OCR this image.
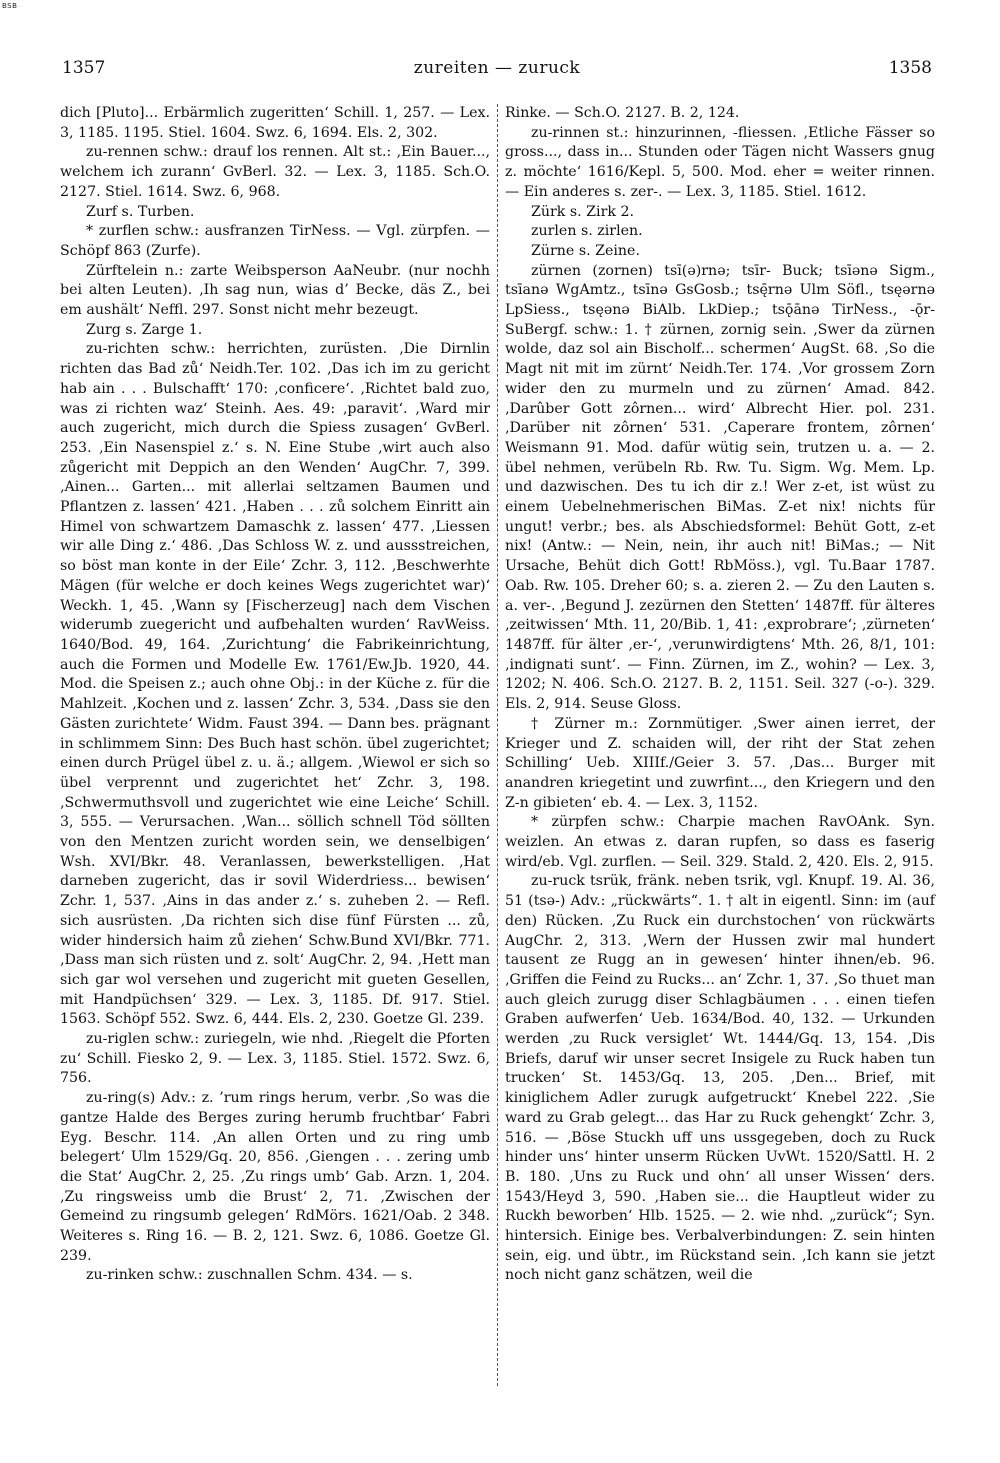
BSB
1357	zureiten — zuruck	1358

dich [Pluto]... Erbärmlich zugeritten‘ Schill. 1, 257. — Lex. 3, 1185. 1195. Stiel. 1604. Swz. 6, 1694. Els. 2, 302.

zu-rennen schw.: drauf los rennen. Alt st.: ‚Ein Bauer..., welchem ich zurann‘ GvBerl. 32. — Lex. 3, 1185. Sch.O. 2127. Stiel. 1614. Swz. 6, 968.

Zurf s. Turben.

* zurflen schw.: ausfranzen TirNess. — Vgl. zürpfen. — Schöpf 863 (Zurfe).

Zürftelein n.: zarte Weibsperson AaNeubr. (nur nochh bei alten Leuten). ‚Ih sag nun, wias d’ Becke, däs Z., bei em aushält‘ Neffl. 297. Sonst nicht mehr bezeugt.

Zurg s. Zarge 1.

zu-richten schw.: herrichten, zurüsten. ‚Die Dirnlin richten das Bad zů‘ Neidh.Ter. 102. ‚Das ich im zu gericht hab ain . . . Bulschafft‘ 170: ‚conficere‘. ‚Richtet bald zuo, was zi richten waz‘ Steinh. Aes. 49: ‚paravit‘. ‚Ward mir auch zugericht, mich durch die Spiess zusagen‘ GvBerl. 253. ‚Ein Nasenspiel z.‘ s. N. Eine Stube ‚wirt auch also zůgericht mit Deppich an den Wenden‘ AugChr. 7, 399. ‚Ainen... Garten... mit allerlai seltzamen Baumen und Pflantzen z. lassen‘ 421. ‚Haben . . . zů solchem Einritt ain Himel von schwartzem Damaschk z. lassen‘ 477. ‚Liessen wir alle Ding z.‘ 486. ‚Das Schloss W. z. und aussstreichen, so böst man konte in der Eile‘ Zchr. 3, 112. ‚Beschwerhte Mägen (für welche er doch keines Wegs zugerichtet war)‘ Weckh. 1, 45. ‚Wann sy [Fischerzeug] nach dem Vischen widerumb zuegericht und aufbehalten wurden‘ RavWeiss. 1640/Bod. 49, 164. ‚Zurichtung‘ die Fabrikeinrichtung, auch die Formen und Modelle Ew. 1761/Ew.Jb. 1920, 44. Mod. die Speisen z.; auch ohne Obj.: in der Küche z. für die Mahlzeit. ‚Kochen und z. lassen‘ Zchr. 3, 534. ‚Dass sie den Gästen zurichtete‘ Widm. Faust 394. — Dann bes. prägnant in schlimmem Sinn: Des Buch hast schön. übel zugerichtet; einen durch Prügel übel z. u. ä.; allgem. ‚Wiewol er sich so übel verprennt und zugerichtet het‘ Zchr. 3, 198. ‚Schwermuthsvoll und zugerichtet wie eine Leiche‘ Schill. 3, 555. — Verursachen. ‚Wan... söllich schnell Töd söllten von den Mentzen zuricht worden sein, we denselbigen‘ Wsh. XVI/Bkr. 48. Veranlassen, bewerkstelligen. ‚Hat darneben zugericht, das ir sovil Widerdriess... bewisen‘ Zchr. 1, 537. ‚Ains in das ander z.‘ s. zuheben 2. — Refl. sich ausrüsten. ‚Da richten sich dise fünf Fürsten ... zů, wider hindersich haim zů ziehen‘ Schw.Bund XVI/Bkr. 771. ‚Dass man sich rüsten und z. solt‘ AugChr. 2, 94. ‚Hett man sich gar wol versehen und zugericht mit gueten Gesellen, mit Handpüchsen‘ 329. — Lex. 3, 1185. Df. 917. Stiel. 1563. Schöpf 552. Swz. 6, 444. Els. 2, 230. Goetze Gl. 239.

zu-riglen schw.: zuriegeln, wie nhd. ‚Riegelt die Pforten zu‘ Schill. Fiesko 2, 9. — Lex. 3, 1185. Stiel. 1572. Swz. 6, 756.

zu-ring(s) Adv.: z. ’rum rings herum, verbr. ‚So was die gantze Halde des Berges zuring herumb fruchtbar‘ Fabri Eyg. Beschr. 114. ‚An allen Orten und zu ring umb belegert‘ Ulm 1529/Gq. 20, 856. ‚Giengen . . . zering umb die Stat‘ AugChr. 2, 25. ‚Zu rings umb‘ Gab. Arzn. 1, 204. ‚Zu ringsweiss umb die Brust‘ 2, 71. ‚Zwischen der Gemeind zu ringsumb gelegen‘ RdMörs. 1621/Oab. 2 348. Weiteres s. Ring 16. — B. 2, 121. Swz. 6, 1086. Goetze Gl. 239.

zu-rinken schw.: zuschnallen Schm. 434. — s.

Rinke. — Sch.O. 2127. B. 2, 124.

zu-rinnen st.: hinzurinnen, -fliessen. ‚Etliche Fässer so gross..., dass in... Stunden oder Tägen nicht Wassers gnug z. möchte‘ 1616/Kepl. 5, 500. Mod. eher = weiter rinnen. — Ein anderes s. zer-. — Lex. 3, 1185. Stiel. 1612.

Zürk s. Zirk 2.

zurlen s. zirlen.

Zürne s. Zeine.

zürnen (zornen) tsī(ə)rnə; tsīr- Buck; tsīənə Sigm., tsīanə WgAmtz., tsīnə GsGosb.; tsę̄rnə Ulm Söfl., tsęərnə LpSiess., tsęənə BiAlb. LkDiep.; tsǭānə TirNess., -ǭr- SuBergf. schw.: 1. † zürnen, zornig sein. ‚Swer da zürnen wolde, daz sol ain Bischolf... schermen‘ AugSt. 68. ‚So die Magt nit mit im zürnt‘ Neidh.Ter. 174. ‚Vor grossem Zorn wider den zu murmeln und zu zürnen‘ Amad. 842. ‚Darûber Gott zôrnen... wird‘ Albrecht Hier. pol. 231. ‚Darüber nit zôrnen‘ 531. ‚Caperare frontem, zôrnen‘ Weismann 91. Mod. dafür wütig sein, trutzen u. a. — 2. übel nehmen, verübeln Rb. Rw. Tu. Sigm. Wg. Mem. Lp. und dazwischen. Des tu ich dir z.! Wer z-et, ist wüst zu einem Uebelnehmerischen BiMas. Z-et nix! nichts für ungut! verbr.; bes. als Abschiedsformel: Behüt Gott, z-et nix! (Antw.: — Nein, nein, ihr auch nit! BiMas.; — Nit Ursache, Behüt dich Gott! RbMöss.), vgl. Tu.Baar 1787. Oab. Rw. 105. Dreher 60; s. a. zieren 2. — Zu den Lauten s. a. ver-. ‚Begund J. zezürnen den Stetten‘ 1487ff. für älteres ‚zeitwissen‘ Mth. 11, 20/Bib. 1, 41: ‚exprobrare‘; ‚zürneten‘ 1487ff. für älter ‚er-‘, ‚verunwirdigtens‘ Mth. 26, 8/1, 101: ‚indignati sunt‘. — Finn. Zürnen, im Z., wohin? — Lex. 3, 1202; N. 406. Sch.O. 2127. B. 2, 1151. Seil. 327 (-o-). 329. Els. 2, 914. Seuse Gloss.

† Zürner m.: Zornmütiger. ‚Swer ainen ierret, der Krieger und Z. schaiden will, der riht der Stat zehen Schilling‘ Ueb. XIIIf./Geier 3. 57. ‚Das... Burger mit anandren kriegetint und zuwrfint..., den Kriegern und den Z-n gibieten‘ eb. 4. — Lex. 3, 1152.

* zürpfen schw.: Charpie machen RavOAnk. Syn. weizlen. An etwas z. daran rupfen, so dass es faserig wird/eb. Vgl. zurflen. — Seil. 329. Stald. 2, 420. Els. 2, 915.

zu-ruck tsrük, fränk. neben tsrik, vgl. Knupf. 19. Al. 36, 51 (tsə-) Adv.: „rückwärts“. 1. † alt in eigentl. Sinn: im (auf den) Rücken. ‚Zu Ruck ein durchstochen‘ von rückwärts AugChr. 2, 313. ‚Wern der Hussen zwir mal hundert tausent ze Rugg an in gewesen‘ hinter ihnen/eb. 96. ‚Griffen die Feind zu Rucks... an‘ Zchr. 1, 37. ‚So thuet man auch gleich zurugg diser Schlagbäumen . . . einen tiefen Graben aufwerfen‘ Ueb. 1634/Bod. 40, 132. — Urkunden werden ‚zu Ruck versiglet‘ Wt. 1444/Gq. 13, 154. ‚Dis Briefs, daruf wir unser secret Insigele zu Ruck haben tun trucken‘ St. 1453/Gq. 13, 205. ‚Den... Brief, mit kiniglichem Adler zurugk aufgetruckt‘ Knebel 222. ‚Sie ward zu Grab gelegt... das Har zu Ruck gehengkt‘ Zchr. 3, 516. — ‚Böse Stuckh uff uns ussgegeben, doch zu Ruck hinder uns‘ hinter unserm Rücken UvWt. 1520/Sattl. H. 2 B. 180. ‚Uns zu Ruck und ohn‘ all unser Wissen‘ ders. 1543/Heyd 3, 590. ‚Haben sie... die Hauptleut wider zu Ruckh beworben‘ Hlb. 1525. — 2. wie nhd. „zurück“; Syn. hintersich. Einige bes. Verbalverbindungen: Z. sein hinten sein, eig. und übtr., im Rückstand sein. ‚Ich kann sie jetzt noch nicht ganz schätzen, weil die
